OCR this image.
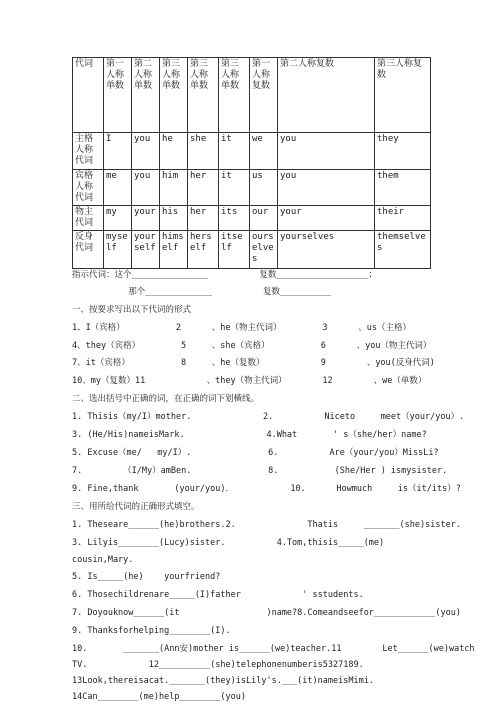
代词	第一人称单数	第二人称单数	第三人称单数	第三人称单数	第三人称单数	第一人称复数	第二人称复数	第三人称复数
主格人称代词	I	you	he	she	it	we	you	they
宾格人称代词	me	you	him	her	it	us	you	them
物主代词	my	your	his	her	its	our	your	their
反身代词	myself	yourself	himself	herself	itself	ourselves	yourselves	themselves
指示代词：这个_______________          复数__________________；
那个_____________          复数__________
一、按要求写出以下代词的形式
1、I（宾格）          2      、he（物主代词）        3      、us（主格）
4、they（宾格）        5     、she（宾格）          6      、you（物主代词）
7、it（宾格）          8     、he（复数）           9        、you(反身代词)
10、my（复数）11            、they（物主代词）       12        、we（单数）
二、选出括号中正确的词，在正确的词下划横线。
1. Thisis（my/I）mother.              2.          Niceto     meet（your/you）.
3. (He/His)nameisMark.                4.What       ' s（she/her）name?
5. Excuse（me/   my/I）.               6.          Are（your/you）MissLi?
7.        （I/My）amBen.               8.           (She/Her ) ismysister.
9. Fine,thank       (your/you)．           10.      Howmuch     is（it/its）?
三、用所给代词的正确形式填空。
1. Theseare______(he)brothers.2.              Thatis     _______(she)sister.
3. Lilyis________(Lucy)sister.          4.Tom,thisis_____(me)
cousin,Mary.
5. Is_____(he)    yourfriend?
6. Thosechildrenare_____(I)father            ' sstudents.
7. Doyouknow______(it                 )name?8.Comeandseefor____________(you)
9. Thanksforhelping________(I).
10.       _______(Ann安)mother is______(we)teacher.11        Let______(we)watch
TV.            12__________(she)telephonenumberis5327189.
13Look,thereisacat._______(they)isLily's.___(it)nameisMimi.
14Can________(me)help________(you)
